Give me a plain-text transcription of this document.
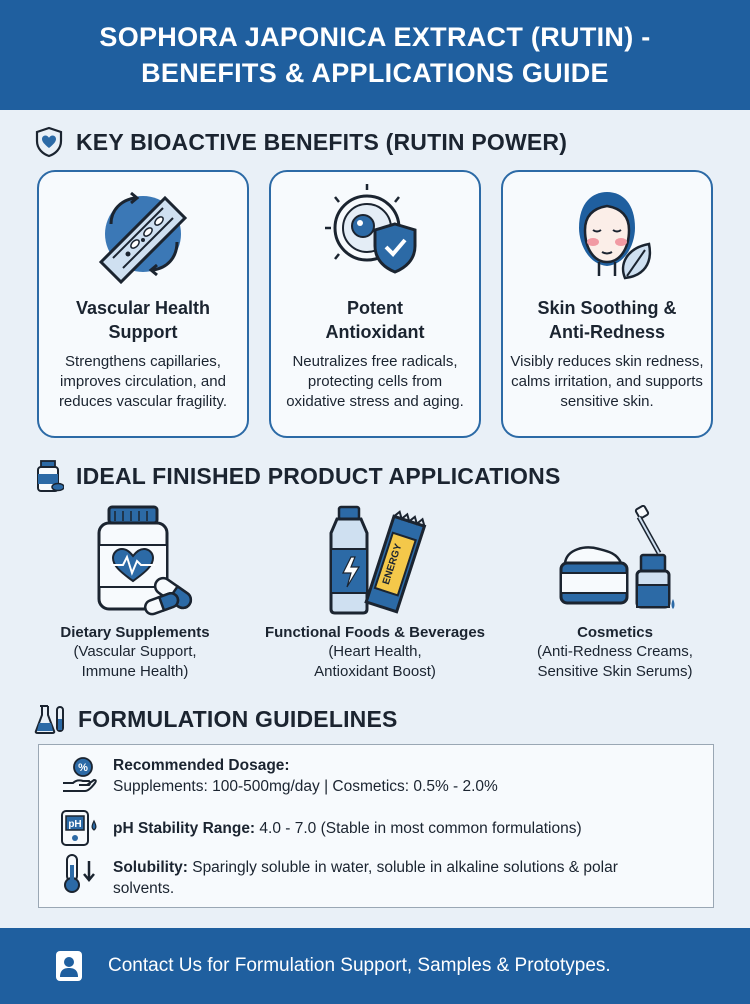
SOPHORA JAPONICA EXTRACT (RUTIN) -
BENEFITS & APPLICATIONS GUIDE
KEY BIOACTIVE BENEFITS (RUTIN POWER)
Vascular Health
Support
Strengthens capillaries, improves circulation, and reduces vascular fragility.
Potent
Antioxidant
Neutralizes free radicals, protecting cells from oxidative stress and aging.
Skin Soothing &
Anti-Redness
Visibly reduces skin redness, calms irritation, and supports sensitive skin.
IDEAL FINISHED PRODUCT APPLICATIONS
Dietary Supplements
(Vascular Support,
Immune Health)
ENERGY
Functional Foods & Beverages
(Heart Health,
Antioxidant Boost)
Cosmetics
(Anti-Redness Creams,
Sensitive Skin Serums)
FORMULATION GUIDELINES
% Recommended Dosage:
Supplements: 100-500mg/day | Cosmetics: 0.5% - 2.0%
pH pH Stability Range: 4.0 - 7.0 (Stable in most common formulations)
Solubility: Sparingly soluble in water, soluble in alkaline solutions & polar solvents.
Contact Us for Formulation Support, Samples & Prototypes.
